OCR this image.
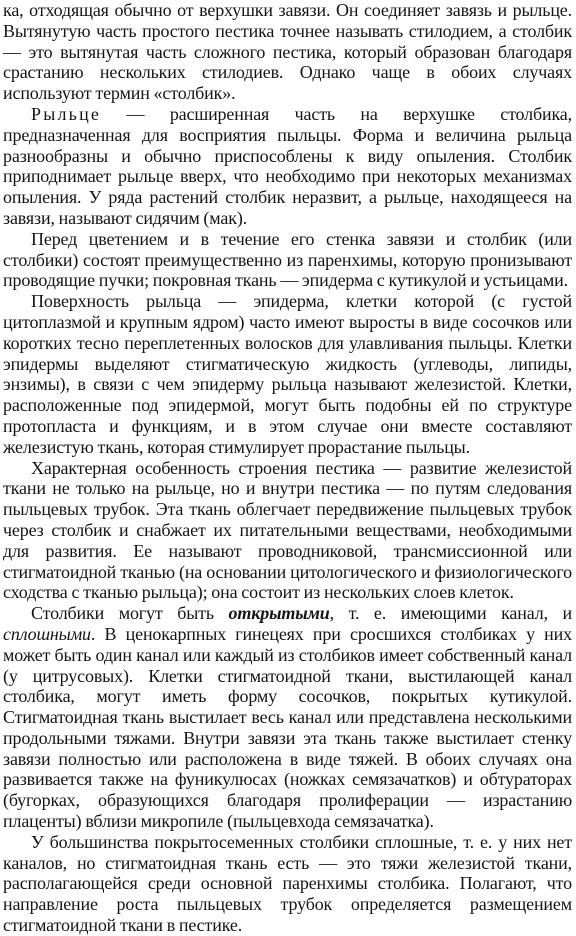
ка, отходящая обычно от верхушки завязи. Он соединяет завязь и рыльце. Вытянутую часть простого пестика точнее называть стилодием, а столбик — это вытянутая часть сложного пестика, который образован благодаря срастанию нескольких стилодиев. Однако чаще в обоих случаях используют термин «столбик».

Рыльце — расширенная часть на верхушке столбика, предназначенная для восприятия пыльцы. Форма и величина рыльца разнообразны и обычно приспособлены к виду опыления. Столбик приподнимает рыльце вверх, что необходимо при некоторых механизмах опыления. У ряда растений столбик неразвит, а рыльце, находящееся на завязи, называют сидячим (мак).

Перед цветением и в течение его стенка завязи и столбик (или столбики) состоят преимущественно из паренхимы, которую пронизывают проводящие пучки; покровная ткань — эпидерма с кутикулой и устьицами.

Поверхность рыльца — эпидерма, клетки которой (с густой цитоплазмой и крупным ядром) часто имеют выросты в виде сосочков или коротких тесно переплетенных волосков для улавливания пыльцы. Клетки эпидермы выделяют стигматическую жидкость (углеводы, липиды, энзимы), в связи с чем эпидерму рыльца называют железистой. Клетки, расположенные под эпидермой, могут быть подобны ей по структуре протопласта и функциям, и в этом случае они вместе составляют железистую ткань, которая стимулирует прорастание пыльцы.

Характерная особенность строения пестика — развитие железистой ткани не только на рыльце, но и внутри пестика — по путям следования пыльцевых трубок. Эта ткань облегчает передвижение пыльцевых трубок через столбик и снабжает их питательными веществами, необходимыми для развития. Ее называют проводниковой, трансмиссионной или стигматоидной тканью (на основании цитологического и физиологического сходства с тканью рыльца); она состоит из нескольких слоев клеток.

Столбики могут быть открытыми, т. е. имеющими канал, и сплошными. В ценокарпных гинецеях при сросшихся столбиках у них может быть один канал или каждый из столбиков имеет собственный канал (у цитрусовых). Клетки стигматоидной ткани, выстилающей канал столбика, могут иметь форму сосочков, покрытых кутикулой. Стигматоидная ткань выстилает весь канал или представлена несколькими продольными тяжами. Внутри завязи эта ткань также выстилает стенку завязи полностью или расположена в виде тяжей. В обоих случаях она развивается также на фуникулюсах (ножках семязачатков) и обтураторах (бугорках, образующихся благодаря пролиферации — израстанию плаценты) вблизи микропиле (пыльцевхода семязачатка).

У большинства покрытосеменных столбики сплошные, т. е. у них нет каналов, но стигматоидная ткань есть — это тяжи железистой ткани, располагающейся среди основной паренхимы столбика. Полагают, что направление роста пыльцевых трубок определяется размещением стигматоидной ткани в пестике.
